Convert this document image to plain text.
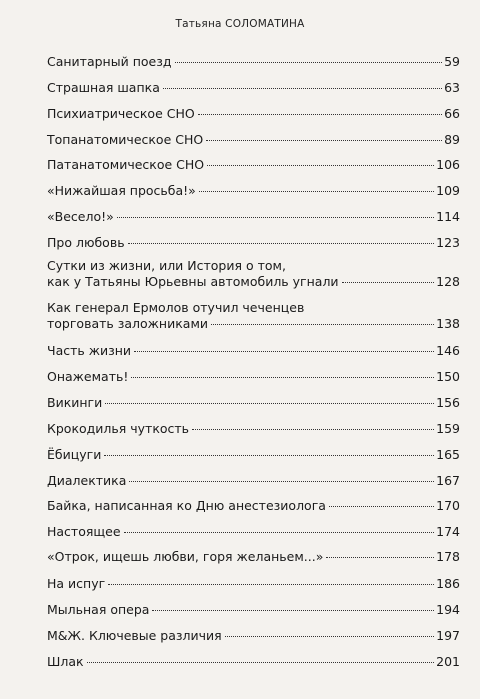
Татьяна СОЛОМАТИНА
Санитарный поезд	59
Страшная шапка	63
Психиатрическое СНО	66
Топанатомическое СНО	89
Патанатомическое СНО	106
«Нижайшая просьба!»	109
«Весело!»	114
Про любовь	123
Сутки из жизни, или История о том,
как у Татьяны Юрьевны автомобиль угнали	128
Как генерал Ермолов отучил чеченцев
торговать заложниками	138
Часть жизни	146
Онажемать!	150
Викинги	156
Крокодилья чуткость	159
Ёбицуги	165
Диалектика	167
Байка, написанная ко Дню анестезиолога	170
Настоящее	174
«Отрок, ищешь любви, горя желаньем...»	178
На испуг	186
Мыльная опера	194
M&Ж. Ключевые различия	197
Шлак	201
